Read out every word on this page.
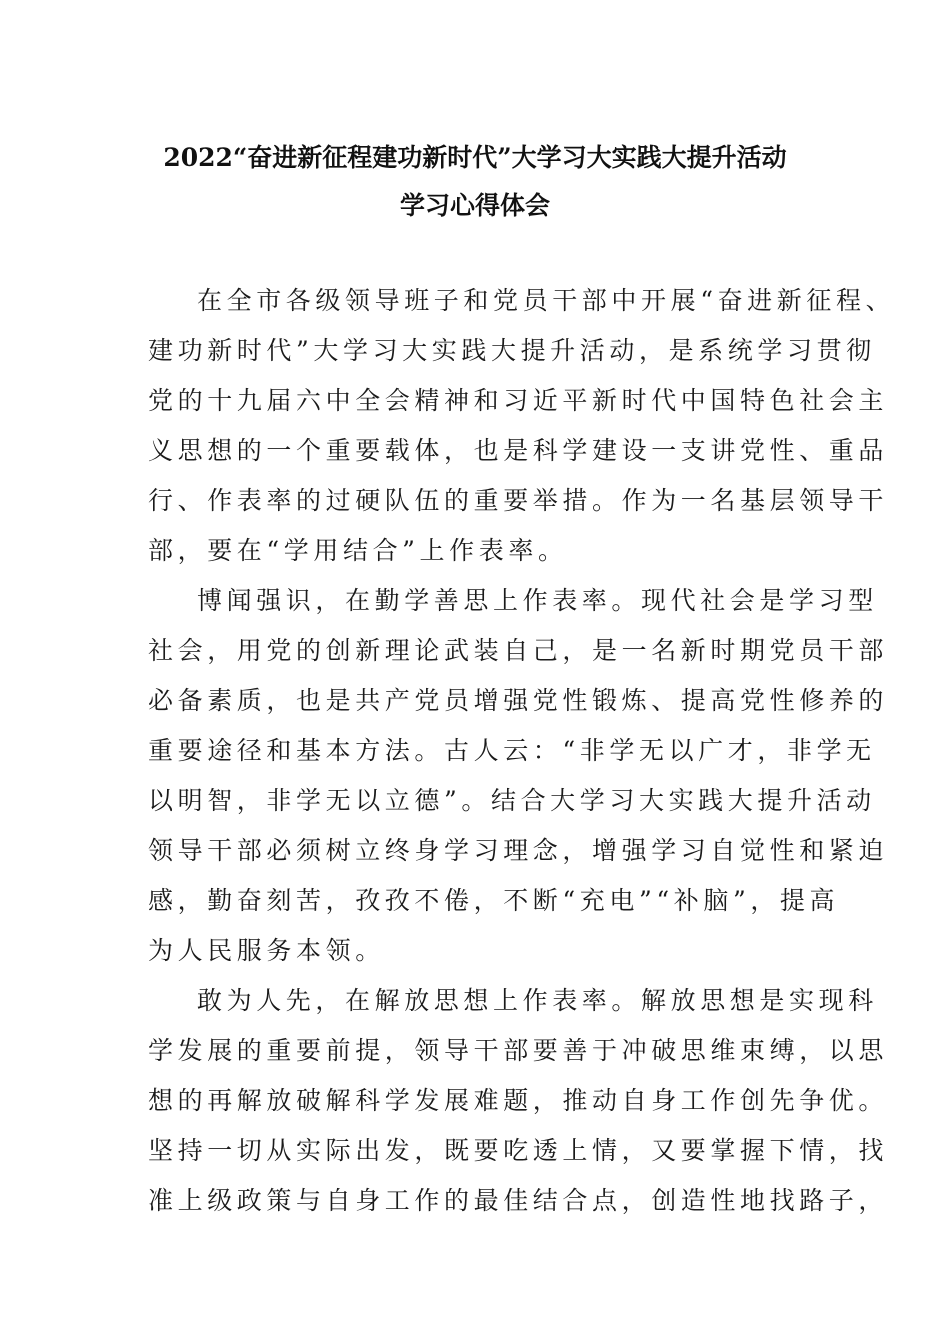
2022“奋进新征程建功新时代”大学习大实践大提升活动
学习心得体会
在全市各级领导班子和党员干部中开展“奋进新征程、
建功新时代”大学习大实践大提升活动，是系统学习贯彻
党的十九届六中全会精神和习近平新时代中国特色社会主
义思想的一个重要载体，也是科学建设一支讲党性、重品
行、作表率的过硬队伍的重要举措。作为一名基层领导干
部，要在“学用结合”上作表率。
博闻强识，在勤学善思上作表率。现代社会是学习型
社会，用党的创新理论武装自己，是一名新时期党员干部
必备素质，也是共产党员增强党性锻炼、提高党性修养的
重要途径和基本方法。古人云：“非学无以广才，非学无
以明智，非学无以立德”。结合大学习大实践大提升活动
领导干部必须树立终身学习理念，增强学习自觉性和紧迫
感，勤奋刻苦，孜孜不倦，不断“充电”“补脑”，提高
为人民服务本领。
敢为人先，在解放思想上作表率。解放思想是实现科
学发展的重要前提，领导干部要善于冲破思维束缚，以思
想的再解放破解科学发展难题，推动自身工作创先争优。
坚持一切从实际出发，既要吃透上情，又要掌握下情，找
准上级政策与自身工作的最佳结合点，创造性地找路子，
